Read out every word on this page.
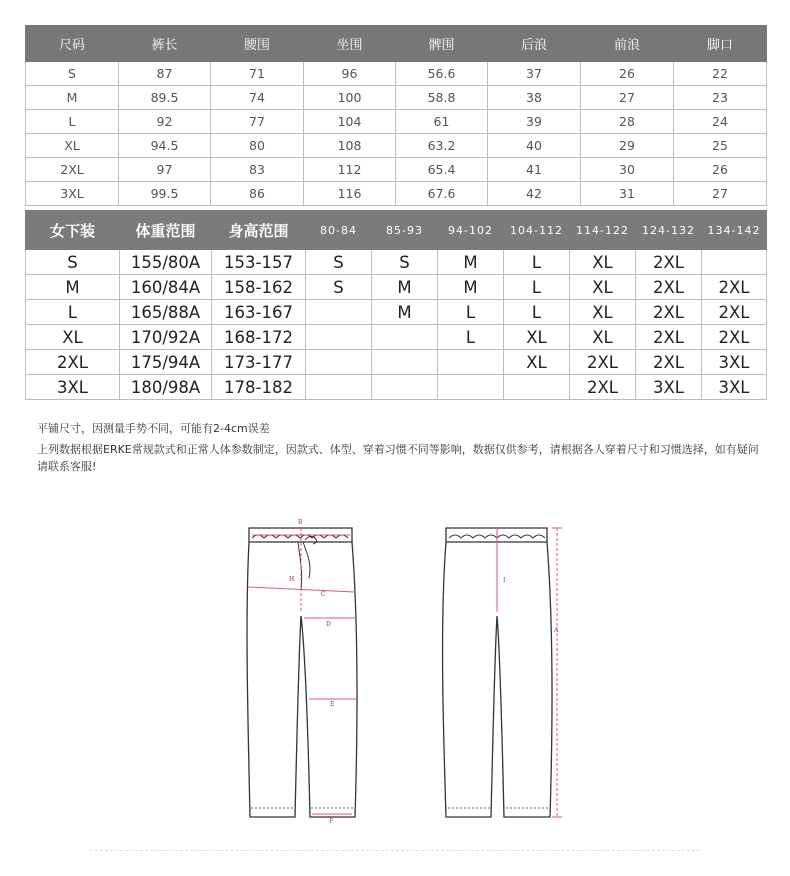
尺码	裤长	腰围	坐围	髀围	后浪	前浪	脚口
S	87	71	96	56.6	37	26	22
M	89.5	74	100	58.8	38	27	23
L	92	77	104	61	39	28	24
XL	94.5	80	108	63.2	40	29	25
2XL	97	83	112	65.4	41	30	26
3XL	99.5	86	116	67.6	42	31	27
女下装	体重范围	身高范围	80-84	85-93	94-102	104-112	114-122	124-132	134-142
S	155/80A	153-157	S	S	M	L	XL	2XL	
M	160/84A	158-162	S	M	M	L	XL	2XL	2XL
L	165/88A	163-167		M	L	L	XL	2XL	2XL
XL	170/92A	168-172			L	XL	XL	2XL	2XL
2XL	175/94A	173-177				XL	2XL	2XL	3XL
3XL	180/98A	178-182					2XL	3XL	3XL
平铺尺寸，因测量手势不同，可能有2-4cm误差
上列数据根据ERKE常规款式和正常人体参数制定，因款式、体型、穿着习惯不同等影响，数据仅供参考，请根据各人穿着尺寸和习惯选择，如有疑问请联系客服!
B
H
C
D
E
F
I
A
